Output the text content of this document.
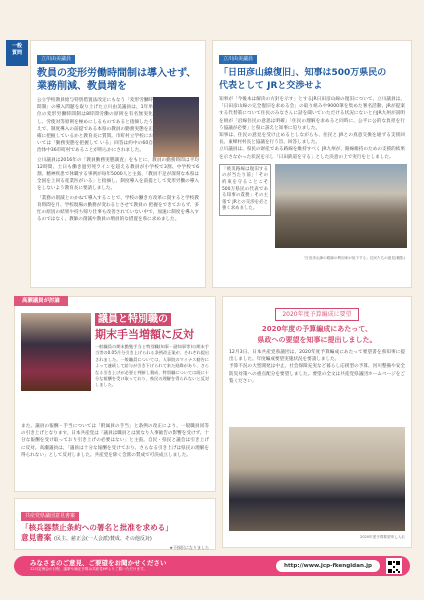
一般
質問
立川由美議員
教員の変形労働時間制は導入せず、
業務削減、教員増を
公立学校教員給与特別措置法改定にもなう「変形労働時間制」の導入問題を取り上げた立川由美議員は、1年単位の変形労働時間制は8時間労働の原則を有名無実化し、労使対等原則を極めにしるものであると指摘したうえで、制度導入の前提である本県の教員の勤務実態を正確に把握しているかと教育長に質問。市町村立学校においては「勤務実態を把握して いる」回答は約中の60自治体中36市町村であることが明らかにされました。
立川議員は2016年の「教員勤務実態調査」をもとに、教員の勤務時間は平均12時間、土日も働き過労死ラインを超える教員が小学校で3割、中学校で6割、精神疾患で休職する事例が毎年5000人と主張、「教員不足が深刻な本県は全国を上回る産業医がいる」と指摘し、制度導入を前提として変形労働の導入をしないよう教育長に要請しました。
「業務の削減とのかねて導入することで、学校の働き方改革に資すると学校教育時間を月、学校現場の勤務が変わるとさせて教員の 把握をできておらず、多忙の原因の結果や持ち帰り仕事も改善されていない中で、加速に制度を導入するのではなく、教師の削減や教員の増員的な措置を県に求めました。
立川由美議員
「日田彦山線復旧」、知事は500万県民の
代表として JRと交渉せよ
知事が「今後本は解決の方針を示す」とするJR日田彦山線の復旧について、立川議員は、「日田彦山線の完全復旧を求める会」の取り組みや9000筆を集めた署名活動、JRが提案する代替策について住民のみなさんに話を聞いていただける状況にないと白JR九州が説明を組が「沿線住民の意思は明確」「住民の理解を求めると同時に、公平に公的な負担を行う協議が必要」と県に訴えと知事に迫りました。
知事は、住民の意見を受け止めるとしながらも、住民と JRとの真意交換を通ずる支援回長、東峰村村長と協議を行う旨、回答しました。
立川議員は、県民の財産である路線を維持すべく JR九州が、路線維持のための支援的結果を示さなかった状況を示し「日田鉄道を守る」とした決意の上で実行をとしました。
「被災路線は復旧するのが当たり前」「その約束を守ることこそ500万県民の代表である知事の責務」その主張で JRとの交渉を必と強く求めました。
「日田彦山線の路線の利用率が低下する」住民たちの意見(撮影)
高瀬議員が討論
議員と特別職の
期末手当増額に反対
一般職員の期末勤勉手当と特別職(知事・副知事等)の期末手当等の0.05月分引き上げられる条例改正案が、それぞれ提出されました。一般職員については、人事院のマイナス勧告によって連続して給与が引き下げられて来た経緯があり、さらなる引き上げが必要と判断し賛成、特別職については既に十分な報酬を受け取っており、県民の理解を得られないと反対しました。
また、議員の報酬・手当については「附属員の手当」と条例の改正により、一般職員同等の引き上げとなります。日本共産党は「議員は職員とは異なり人事勧告の影響を受けず、十分な報酬を受け取っており引き上げの必要はない」と主張。自民・県民と議会は引き上げに反対。高瀬議員は、「議員は十分な報酬を受けており、さらなる引き上げは県民の理解を得られない」として反対しました。共産党を除く会派の賛成で可決成立しました。
2020年度予算編成に要望
2020年度の予算編成にあたって、
県政への要望を知事に提出しました。
12月3日、日本共産党県議団は、2020年度予算編成にあたって要望書を県知事に提出しました。年度編成要望実施状況を要請しました。
予算不況の大型開発は中止、社会保障充実など暮らし応援型の予算、河川整備や安全防災対策への重点配分を要望しました。要望の全文は共産党県議団ホームページをご覧ください。
2020年度予算要望申し入れ
共産党県議団意見書案
「核兵器禁止条約への署名と批准を求める」
意見書案 (民主、慈正会(一人会派)賛成、その他反対)
★不採択になりました
みなさまのご意見、ご要望をお聞かせください
12月定例会の日程、議事や補正予算は共産党HPよりご覧いただけます。	http://www.jcp-fkengidan.jp
